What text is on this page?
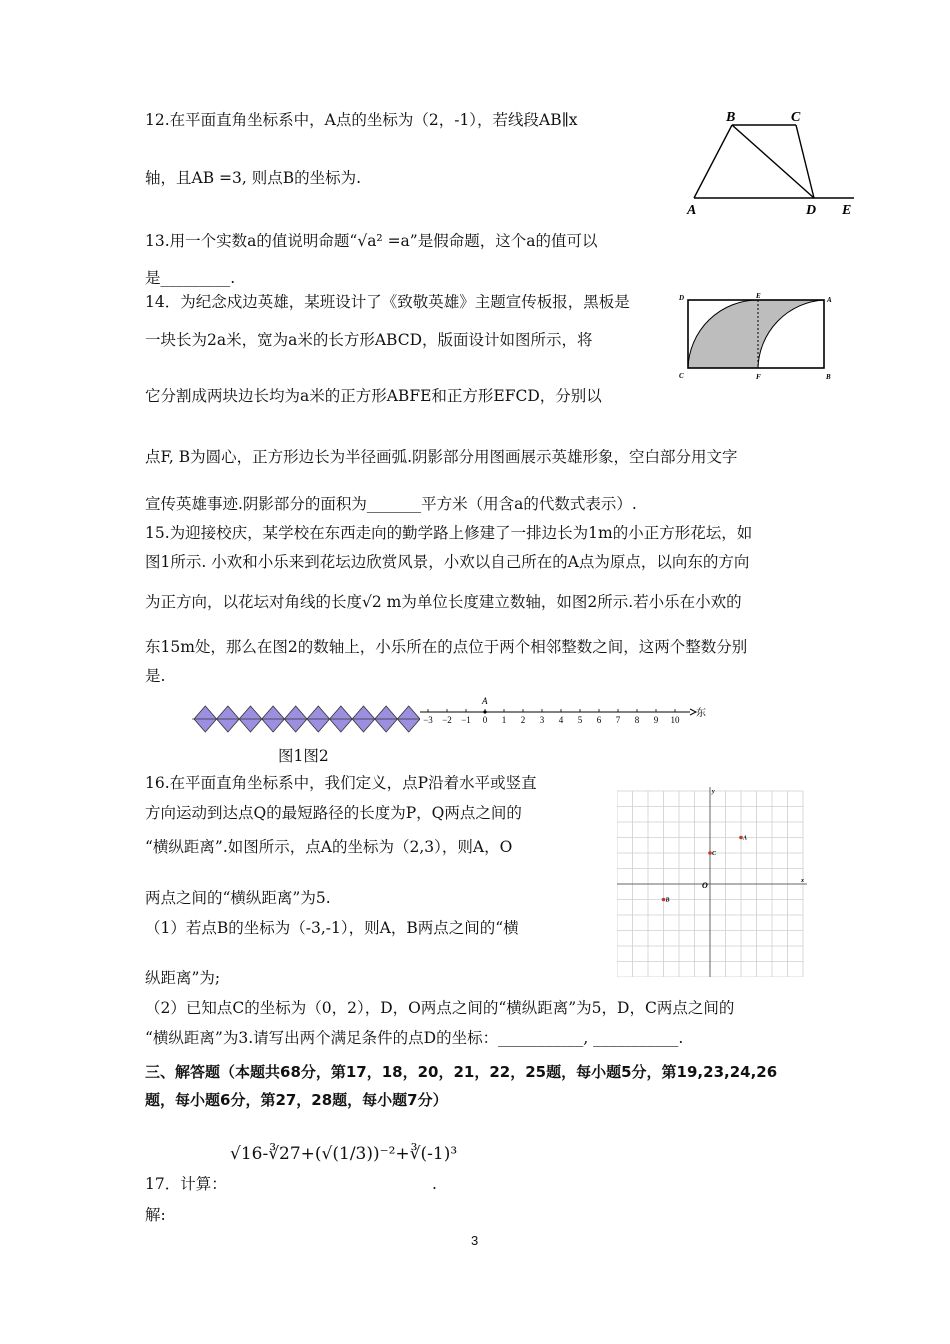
12.在平面直角坐标系中，A点的坐标为（2，-1），若线段AB∥x
轴，且AB =3, 则点B的坐标为.
B	C
A	D E
13.用一个实数a的值说明命题“√a² =a”是假命题，这个a的值可以
是_________.
14．为纪念戍边英雄，某班设计了《致敬英雄》主题宣传板报，黑板是
一块长为2a米，宽为a米的长方形ABCD，版面设计如图所示，将
它分割成两块边长均为a米的正方形ABFE和正方形EFCD，分别以
点F, B为圆心，正方形边长为半径画弧.阴影部分用图画展示英雄形象，空白部分用文字
宣传英雄事迹.阴影部分的面积为_______平方米（用含a的代数式表示）.
D	E	A
C	F	B
15.为迎接校庆，某学校在东西走向的勤学路上修建了一排边长为1m的小正方形花坛，如
图1所示. 小欢和小乐来到花坛边欣赏风景，小欢以自己所在的A点为原点，以向东的方向
为正方向，以花坛对角线的长度√2 m为单位长度建立数轴，如图2所示.若小乐在小欢的
东15m处，那么在图2的数轴上，小乐所在的点位于两个相邻整数之间，这两个整数分别
是.
A
东
−3 −2 −1 0 1 2 3 4 5 6 7 8 9 10
图1图2
16.在平面直角坐标系中，我们定义，点P沿着水平或竖直
方向运动到达点Q的最短路径的长度为P，Q两点之间的
“横纵距离”.如图所示，点A的坐标为（2,3），则A，O
两点之间的“横纵距离”为5.
（1）若点B的坐标为（-3,-1），则A，B两点之间的“横
纵距离”为;
（2）已知点C的坐标为（0，2），D，O两点之间的“横纵距离”为5，D，C两点之间的
“横纵距离”为3.请写出两个满足条件的点D的坐标：___________, ___________.
x
y
O
A
B
C
三、解答题（本题共68分，第17，18，20，21，22，25题，每小题5分，第19,23,24,26
题，每小题6分，第27，28题，每小题7分）
√16-∛27+(√(1/3))⁻²+∛(-1)³
17．计算：	.
解:
3
